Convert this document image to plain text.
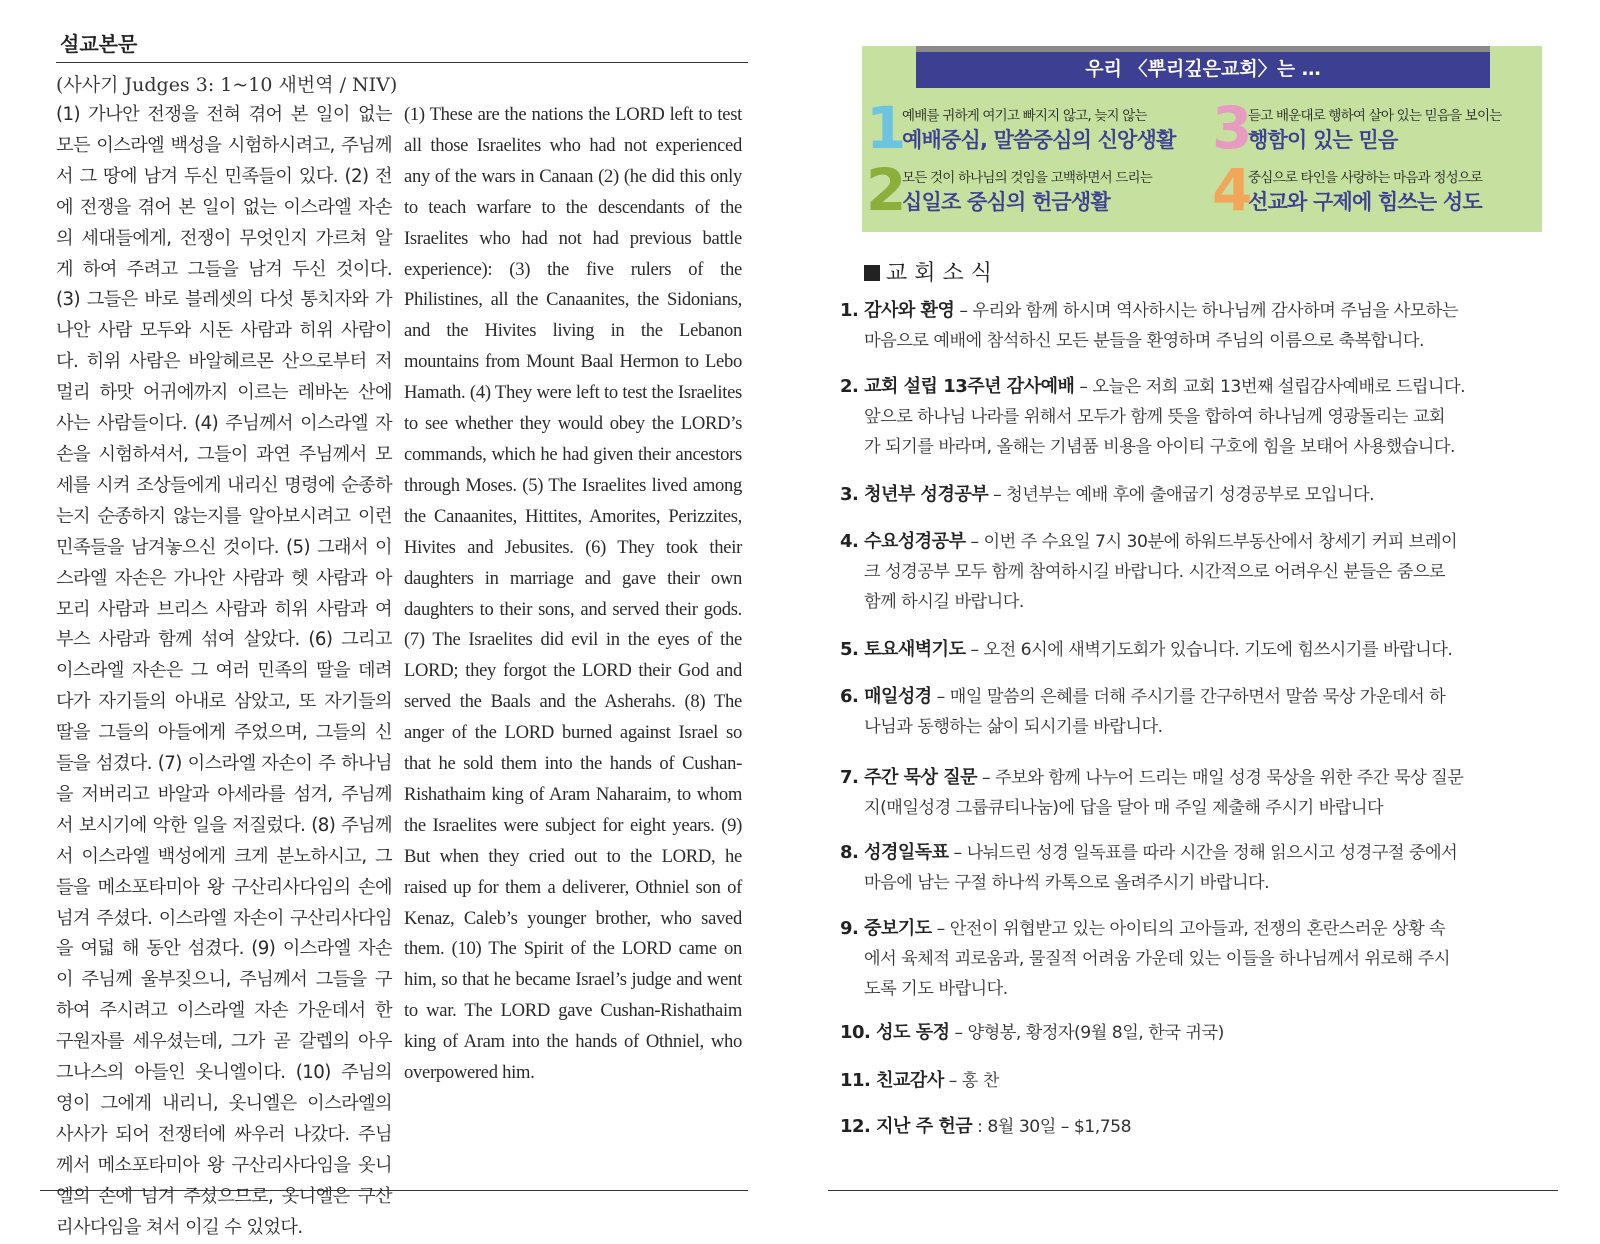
설교본문
(사사기 Judges 3: 1~10 새번역 / NIV)
(1) 가나안 전쟁을 전혀 겪어 본 일이 없는 모든 이스라엘 백성을 시험하시려고, 주님께서 그 땅에 남겨 두신 민족들이 있다. (2) 전에 전쟁을 겪어 본 일이 없는 이스라엘 자손의 세대들에게, 전쟁이 무엇인지 가르쳐 알게 하여 주려고 그들을 남겨 두신 것이다. (3) 그들은 바로 블레셋의 다섯 통치자와 가나안 사람 모두와 시돈 사람과 히위 사람이다. 히위 사람은 바알헤르몬 산으로부터 저 멀리 하맛 어귀에까지 이르는 레바논 산에 사는 사람들이다. (4) 주님께서 이스라엘 자손을 시험하셔서, 그들이 과연 주님께서 모세를 시켜 조상들에게 내리신 명령에 순종하는지 순종하지 않는지를 알아보시려고 이런 민족들을 남겨놓으신 것이다. (5) 그래서 이스라엘 자손은 가나안 사람과 헷 사람과 아모리 사람과 브리스 사람과 히위 사람과 여부스 사람과 함께 섞여 살았다. (6) 그리고 이스라엘 자손은 그 여러 민족의 딸을 데려다가 자기들의 아내로 삼았고, 또 자기들의 딸을 그들의 아들에게 주었으며, 그들의 신들을 섬겼다. (7) 이스라엘 자손이 주 하나님을 저버리고 바알과 아세라를 섬겨, 주님께서 보시기에 악한 일을 저질렀다. (8) 주님께서 이스라엘 백성에게 크게 분노하시고, 그들을 메소포타미아 왕 구산리사다임의 손에 넘겨 주셨다. 이스라엘 자손이 구산리사다임을 여덟 해 동안 섬겼다. (9) 이스라엘 자손이 주님께 울부짖으니, 주님께서 그들을 구하여 주시려고 이스라엘 자손 가운데서 한 구원자를 세우셨는데, 그가 곧 갈렙의 아우 그나스의 아들인 옷니엘이다. (10) 주님의 영이 그에게 내리니, 옷니엘은 이스라엘의 사사가 되어 전쟁터에 싸우러 나갔다. 주님께서 메소포타미아 왕 구산리사다임을 옷니엘의 손에 넘겨 주셨으므로, 옷니엘은 구산리사다임을 쳐서 이길 수 있었다.
(1) These are the nations the LORD left to test all those Israelites who had not experienced any of the wars in Canaan (2) (he did this only to teach warfare to the descendants of the Israelites who had not had previous battle experience): (3) the five rulers of the Philistines, all the Canaanites, the Sidonians, and the Hivites living in the Lebanon mountains from Mount Baal Hermon to Lebo Hamath. (4) They were left to test the Israelites to see whether they would obey the LORD’s commands, which he had given their ancestors through Moses. (5) The Israelites lived among the Canaanites, Hittites, Amorites, Perizzites, Hivites and Jebusites. (6) They took their daughters in marriage and gave their own daughters to their sons, and served their gods. (7) The Israelites did evil in the eyes of the LORD; they forgot the LORD their God and served the Baals and the Asherahs. (8) The anger of the LORD burned against Israel so that he sold them into the hands of Cushan-Rishathaim king of Aram Naharaim, to whom the Israelites were subject for eight years. (9) But when they cried out to the LORD, he raised up for them a deliverer, Othniel son of Kenaz, Caleb’s younger brother, who saved them. (10) The Spirit of the LORD came on him, so that he became Israel’s judge and went to war. The LORD gave Cushan-Rishathaim king of Aram into the hands of Othniel, who overpowered him.
우리 〈뿌리깊은교회〉는 …
1
예배를 귀하게 여기고 빠지지 않고, 늦지 않는
예배중심, 말씀중심의 신앙생활 3
듣고 배운대로 행하여 살아 있는 믿음을 보이는
행함이 있는 믿음
2
모든 것이 하나님의 것임을 고백하면서 드리는
십일조 중심의 헌금생활 4
중심으로 타인을 사랑하는 마음과 정성으로
선교와 구제에 힘쓰는 성도
교 회 소 식
1. 감사와 환영 – 우리와 함께 하시며 역사하시는 하나님께 감사하며 주님을 사모하는
마음으로 예배에 참석하신 모든 분들을 환영하며 주님의 이름으로 축복합니다.
2. 교회 설립 13주년 감사예배 – 오늘은 저희 교회 13번째 설립감사예배로 드립니다.
앞으로 하나님 나라를 위해서 모두가 함께 뜻을 합하여 하나님께 영광돌리는 교회
가 되기를 바라며, 올해는 기념품 비용을 아이티 구호에 힘을 보태어 사용했습니다.
3. 청년부 성경공부 – 청년부는 예배 후에 출애굽기 성경공부로 모입니다.
4. 수요성경공부 – 이번 주 수요일 7시 30분에 하워드부동산에서 창세기 커피 브레이
크 성경공부 모두 함께 참여하시길 바랍니다. 시간적으로 어려우신 분들은 줌으로
함께 하시길 바랍니다.
5. 토요새벽기도 – 오전 6시에 새벽기도회가 있습니다. 기도에 힘쓰시기를 바랍니다.
6. 매일성경 – 매일 말씀의 은혜를 더해 주시기를 간구하면서 말씀 묵상 가운데서 하
나님과 동행하는 삶이 되시기를 바랍니다.
7. 주간 묵상 질문 – 주보와 함께 나누어 드리는 매일 성경 묵상을 위한 주간 묵상 질문
지(매일성경 그룹큐티나눔)에 답을 달아 매 주일 제출해 주시기 바랍니다
8. 성경일독표 – 나눠드린 성경 일독표를 따라 시간을 정해 읽으시고 성경구절 중에서
마음에 남는 구절 하나씩 카톡으로 올려주시기 바랍니다.
9. 중보기도 – 안전이 위협받고 있는 아이티의 고아들과, 전쟁의 혼란스러운 상황 속
에서 육체적 괴로움과, 물질적 어려움 가운데 있는 이들을 하나님께서 위로해 주시
도록 기도 바랍니다.
10. 성도 동정 – 양형봉, 황정자(9월 8일, 한국 귀국)
11. 친교감사 – 홍 찬
12. 지난 주 헌금 : 8월 30일 – $1,758
